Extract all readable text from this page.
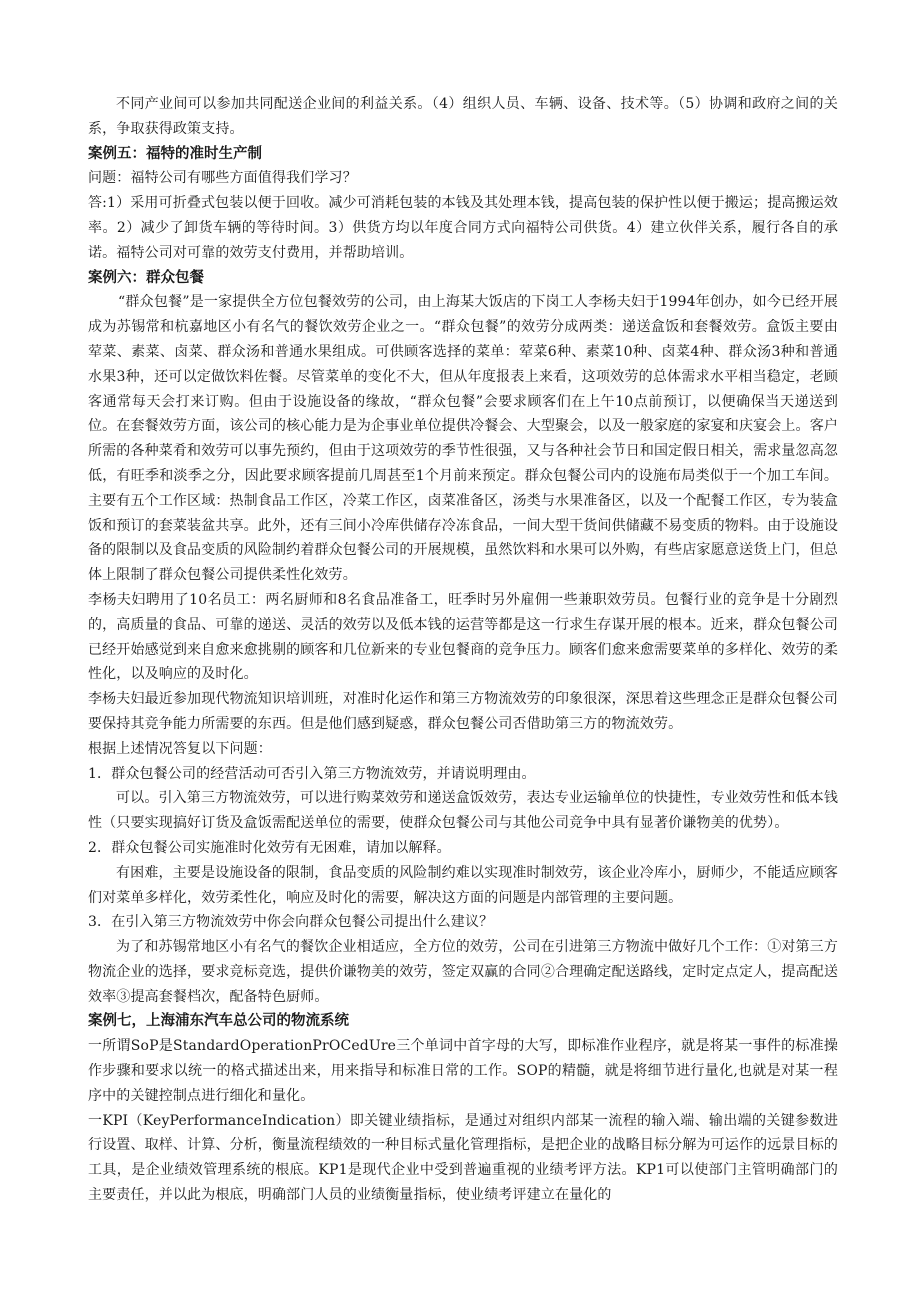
不同产业间可以参加共同配送企业间的利益关系。（4）组织人员、车辆、设备、技术等。（5）协调和政府之间的关系，争取获得政策支持。

案例五：福特的准时生产制

问题：福特公司有哪些方面值得我们学习？

答:1）采用可折叠式包装以便于回收。减少可消耗包装的本钱及其处理本钱，提高包装的保护性以便于搬运；提高搬运效率。2）减少了卸货车辆的等待时间。3）供货方均以年度合同方式向福特公司供货。4）建立伙伴关系，履行各自的承诺。福特公司对可靠的效劳支付费用，并帮助培训。

案例六：群众包餐

“群众包餐”是一家提供全方位包餐效劳的公司，由上海某大饭店的下岗工人李杨夫妇于1994年创办，如今已经开展成为苏锡常和杭嘉地区小有名气的餐饮效劳企业之一。“群众包餐”的效劳分成两类：递送盒饭和套餐效劳。盒饭主要由荤菜、素菜、卤菜、群众汤和普通水果组成。可供顾客选择的菜单：荤菜6种、素菜10种、卤菜4种、群众汤3种和普通水果3种，还可以定做饮料佐餐。尽管菜单的变化不大，但从年度报表上来看，这项效劳的总体需求水平相当稳定，老顾客通常每天会打来订购。但由于设施设备的缘故，“群众包餐”会要求顾客们在上午10点前预订，以便确保当天递送到位。在套餐效劳方面，该公司的核心能力是为企事业单位提供冷餐会、大型聚会，以及一般家庭的家宴和庆宴会上。客户所需的各种菜肴和效劳可以事先预约，但由于这项效劳的季节性很强，又与各种社会节日和国定假日相关，需求量忽高忽低，有旺季和淡季之分，因此要求顾客提前几周甚至1个月前来预定。群众包餐公司内的设施布局类似于一个加工车间。主要有五个工作区域：热制食品工作区，冷菜工作区，卤菜准备区，汤类与水果准备区，以及一个配餐工作区，专为装盒饭和预订的套菜装盆共享。此外，还有三间小冷库供储存冷冻食品，一间大型干货间供储藏不易变质的物料。由于设施设备的限制以及食品变质的风险制约着群众包餐公司的开展规模，虽然饮料和水果可以外购，有些店家愿意送货上门，但总体上限制了群众包餐公司提供柔性化效劳。

李杨夫妇聘用了10名员工：两名厨师和8名食品准备工，旺季时另外雇佣一些兼职效劳员。包餐行业的竞争是十分剧烈的，高质量的食品、可靠的递送、灵活的效劳以及低本钱的运营等都是这一行求生存谋开展的根本。近来，群众包餐公司已经开始感觉到来自愈来愈挑剔的顾客和几位新来的专业包餐商的竞争压力。顾客们愈来愈需要菜单的多样化、效劳的柔性化，以及响应的及时化。

李杨夫妇最近参加现代物流知识培训班，对准时化运作和第三方物流效劳的印象很深，深思着这些理念正是群众包餐公司要保持其竞争能力所需要的东西。但是他们感到疑惑，群众包餐公司否借助第三方的物流效劳。

根据上述情况答复以下问题：

1．群众包餐公司的经营活动可否引入第三方物流效劳，并请说明理由。

可以。引入第三方物流效劳，可以进行购菜效劳和递送盒饭效劳，表达专业运输单位的快捷性，专业效劳性和低本钱性（只要实现搞好订货及盒饭需配送单位的需要，使群众包餐公司与其他公司竞争中具有显著价谦物美的优势）。

2．群众包餐公司实施准时化效劳有无困难，请加以解释。

有困难，主要是设施设备的限制，食品变质的风险制约难以实现准时制效劳，该企业冷库小，厨师少，不能适应顾客们对菜单多样化，效劳柔性化，响应及时化的需要，解决这方面的问题是内部管理的主要问题。

3．在引入第三方物流效劳中你会向群众包餐公司提出什么建议？

为了和苏锡常地区小有名气的餐饮企业相适应，全方位的效劳，公司在引进第三方物流中做好几个工作：①对第三方物流企业的选择，要求竞标竞选，提供价谦物美的效劳，签定双赢的合同②合理确定配送路线，定时定点定人，提高配送效率③提高套餐档次，配备特色厨师。

案例七，上海浦东汽车总公司的物流系统

一所谓SoP是StandardOperationPrOCedUre三个单词中首字母的大写，即标准作业程序，就是将某一事件的标准操作步骤和要求以统一的格式描述出来，用来指导和标准日常的工作。SOP的精髓，就是将细节进行量化,也就是对某一程序中的关键控制点进行细化和量化。

一KPI（KeyPerformanceIndication）即关键业绩指标，是通过对组织内部某一流程的输入端、输出端的关键参数进行设置、取样、计算、分析，衡量流程绩效的一种目标式量化管理指标，是把企业的战略目标分解为可运作的远景目标的工具，是企业绩效管理系统的根底。KP1是现代企业中受到普遍重视的业绩考评方法。KP1可以使部门主管明确部门的主要责任，并以此为根底，明确部门人员的业绩衡量指标，使业绩考评建立在量化的
